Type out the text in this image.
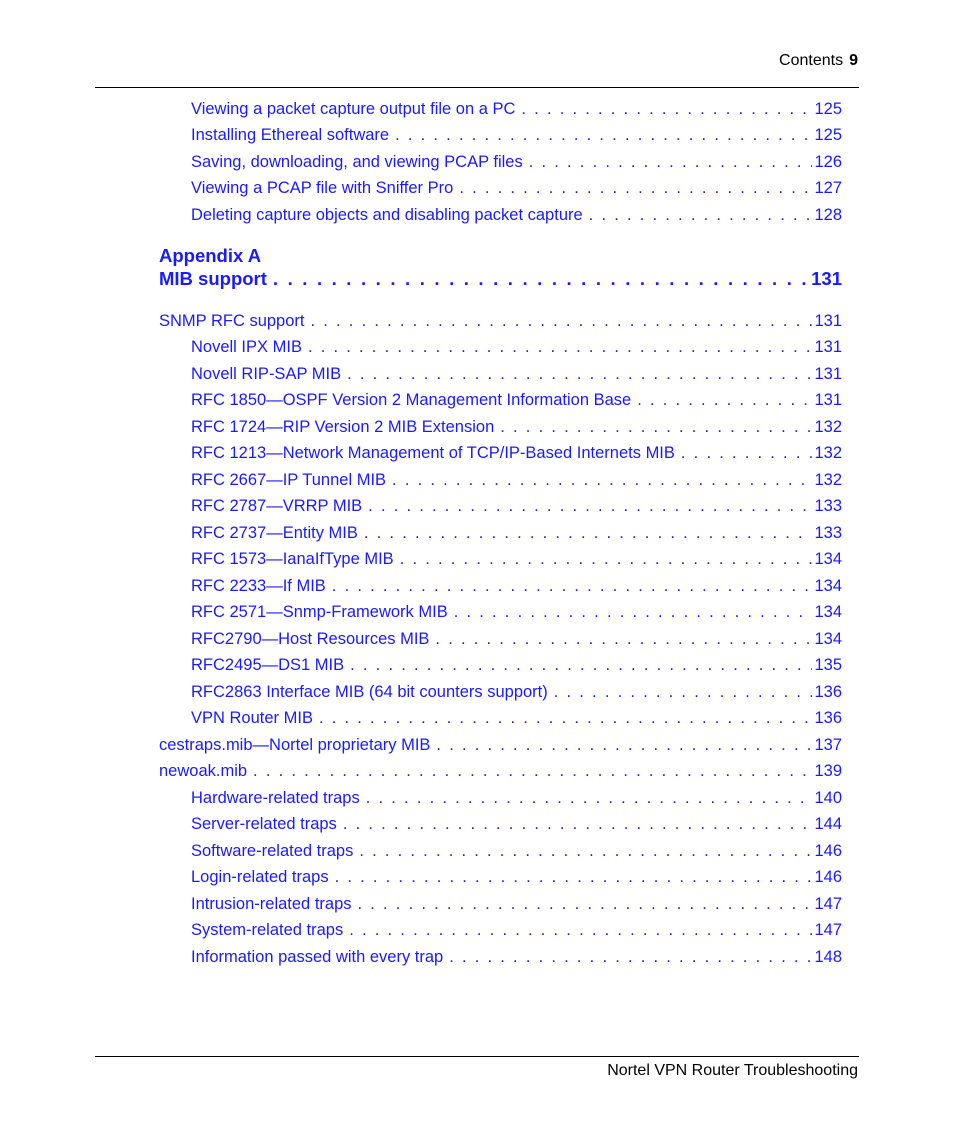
Contents 9
Viewing a packet capture output file on a PC . . .	125
Installing Ethereal software . . .	125
Saving, downloading, and viewing PCAP files . . .	126
Viewing a PCAP file with Sniffer Pro . . .	127
Deleting capture objects and disabling packet capture . . .	128
Appendix A
MIB support . . .	131
SNMP RFC support . . .	131
Novell IPX MIB . . .	131
Novell RIP-SAP MIB . . .	131
RFC 1850—OSPF Version 2 Management Information Base . . .	131
RFC 1724—RIP Version 2 MIB Extension . . .	132
RFC 1213—Network Management of TCP/IP-Based Internets MIB . . .	132
RFC 2667—IP Tunnel MIB . . .	132
RFC 2787—VRRP MIB . . .	133
RFC 2737—Entity MIB . . .	133
RFC 1573—IanaIfType MIB . . .	134
RFC 2233—If MIB . . .	134
RFC 2571—Snmp-Framework MIB . . .	134
RFC2790—Host Resources MIB . . .	134
RFC2495—DS1 MIB . . .	135
RFC2863 Interface MIB (64 bit counters support) . . .	136
VPN Router MIB . . .	136
cestraps.mib—Nortel proprietary MIB . . .	137
newoak.mib . . .	139
Hardware-related traps . . .	140
Server-related traps . . .	144
Software-related traps . . .	146
Login-related traps . . .	146
Intrusion-related traps . . .	147
System-related traps . . .	147
Information passed with every trap . . .	148
Nortel VPN Router Troubleshooting
